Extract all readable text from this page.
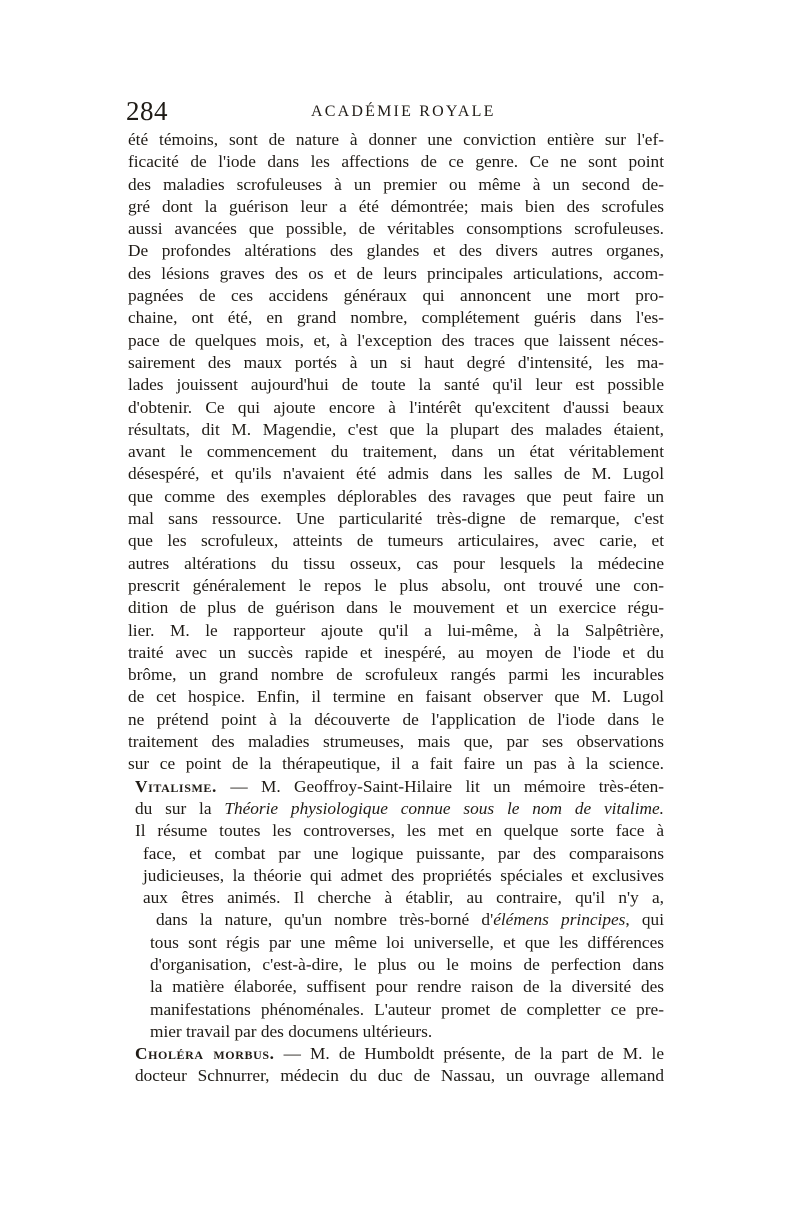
284	ACADÉMIE ROYALE
été témoins, sont de nature à donner une conviction entière sur l'ef-
ficacité de l'iode dans les affections de ce genre. Ce ne sont point
des maladies scrofuleuses à un premier ou même à un second de-
gré dont la guérison leur a été démontrée; mais bien des scrofules
aussi avancées que possible, de véritables consomptions scrofuleuses.
De profondes altérations des glandes et des divers autres organes,
des lésions graves des os et de leurs principales articulations, accom-
pagnées de ces accidens généraux qui annoncent une mort pro-
chaine, ont été, en grand nombre, complétement guéris dans l'es-
pace de quelques mois, et, à l'exception des traces que laissent néces-
sairement des maux portés à un si haut degré d'intensité, les ma-
lades jouissent aujourd'hui de toute la santé qu'il leur est possible
d'obtenir. Ce qui ajoute encore à l'intérêt qu'excitent d'aussi beaux
résultats, dit M. Magendie, c'est que la plupart des malades étaient,
avant le commencement du traitement, dans un état véritablement
désespéré, et qu'ils n'avaient été admis dans les salles de M. Lugol
que comme des exemples déplorables des ravages que peut faire un
mal sans ressource. Une particularité très-digne de remarque, c'est
que les scrofuleux, atteints de tumeurs articulaires, avec carie, et
autres altérations du tissu osseux, cas pour lesquels la médecine
prescrit généralement le repos le plus absolu, ont trouvé une con-
dition de plus de guérison dans le mouvement et un exercice régu-
lier. M. le rapporteur ajoute qu'il a lui-même, à la Salpêtrière,
traité avec un succès rapide et inespéré, au moyen de l'iode et du
brôme, un grand nombre de scrofuleux rangés parmi les incurables
de cet hospice. Enfin, il termine en faisant observer que M. Lugol
ne prétend point à la découverte de l'application de l'iode dans le
traitement des maladies strumeuses, mais que, par ses observations
sur ce point de la thérapeutique, il a fait faire un pas à la science.
Vitalisme. — M. Geoffroy-Saint-Hilaire lit un mémoire très-éten-
du sur la Théorie physiologique connue sous le nom de vitalime.
Il résume toutes les controverses, les met en quelque sorte face à
face, et combat par une logique puissante, par des comparaisons
judicieuses, la théorie qui admet des propriétés spéciales et exclusives
aux êtres animés. Il cherche à établir, au contraire, qu'il n'y a,
dans la nature, qu'un nombre très-borné d'élémens principes, qui
tous sont régis par une même loi universelle, et que les différences
d'organisation, c'est-à-dire, le plus ou le moins de perfection dans
la matière élaborée, suffisent pour rendre raison de la diversité des
manifestations phénoménales. L'auteur promet de completter ce pre-
mier travail par des documens ultérieurs.
Choléra morbus. — M. de Humboldt présente, de la part de M. le
docteur Schnurrer, médecin du duc de Nassau, un ouvrage allemand
